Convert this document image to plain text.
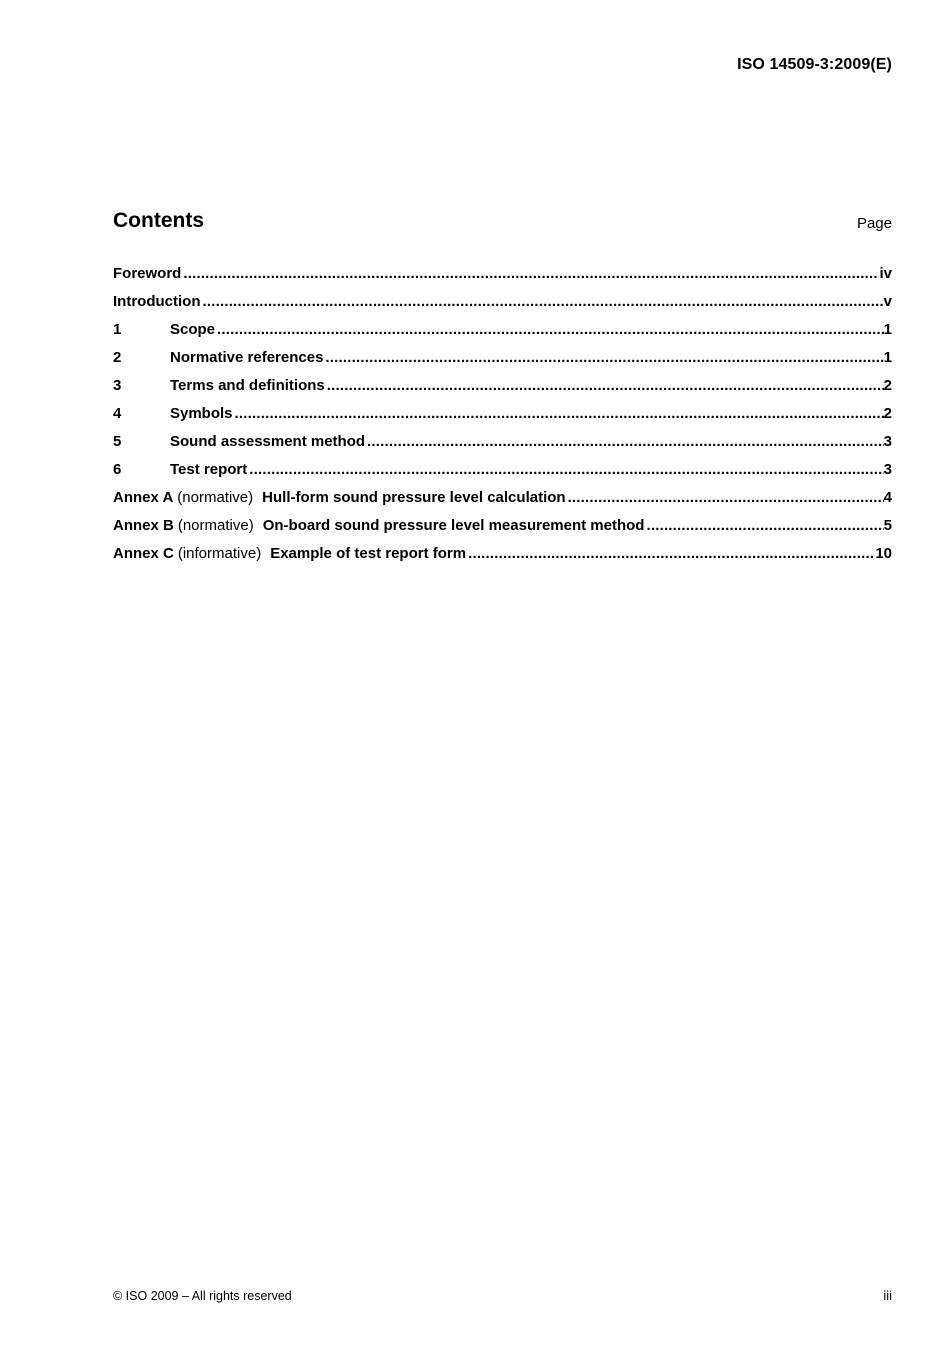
ISO 14509-3:2009(E)
Contents	Page
Foreword .....	iv
Introduction .....	v
1	Scope .....	1
2	Normative references .....	1
3	Terms and definitions .....	2
4	Symbols .....	2
5	Sound assessment method .....	3
6	Test report .....	3
Annex A (normative) Hull-form sound pressure level calculation .....	4
Annex B (normative) On-board sound pressure level measurement method .....	5
Annex C (informative) Example of test report form .....	10
© ISO 2009 – All rights reserved	iii
